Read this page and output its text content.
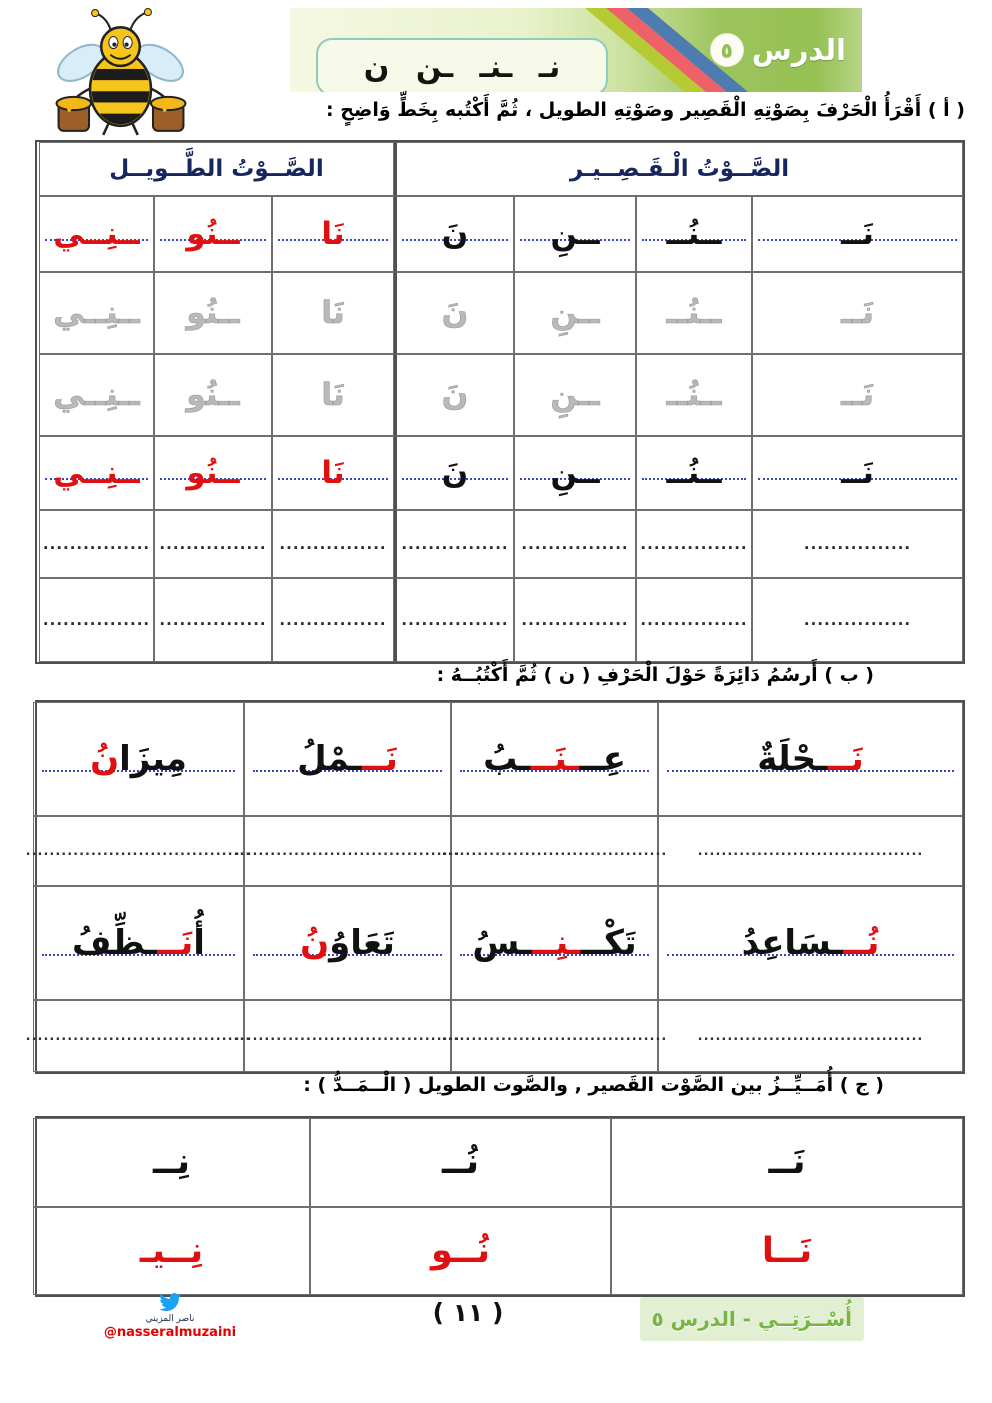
الدرس
٥
نـ ـنـ ـن ن
( أ ) أَقْرَأُ الْحَرْفَ بِصَوْتِهِ الْقَصِير وصَوْتِهِ الطويل ، ثُمَّ أَكْتُبه بِخَطٍّ وَاضِحٍ :
الصَّــوْتُ الْـقَـصِــيـر
الصَّــوْتُ الطَّــويــل
نَــ
ــنُــ
ــنِ
نَ
نَا
ــنُو
ــنِــي
نَــ
ــنُــ
ــنِ
نَ
نَا
ــنُو
ــنِــي
نَــ
ــنُــ
ــنِ
نَ
نَا
ــنُو
ــنِــي
نَــ
ــنُــ
ــنِ
نَ
نَا
ــنُو
ــنِــي
................
................
................
................
................
................
................
................
................
................
................
................
................
................
( ب ) أَرسُمُ دَائِرَةً حَوْلَ الْحَرْفِ ( ن ) ثُمَّ أَكْتُبُــهُ :
نَـــحْلَةٌ
عِـــنَـــبُ
نَـــمْلُ
مِيزَانُ
......................................
......................................
......................................
......................................
نُـــسَاعِدُ
تَكْـــنِـــسُ
تَعَاوُنُ
أُنَـــظِّفُ
......................................
......................................
......................................
......................................
( ج ) أُمَــيِّــزُ بين الصَّوْت القَصير , والصَّوت الطويل ( الْــمَــدُّ ) :
نَــ
نُــ
نِــ
نَــا
نُــو
نِــيـ
ناصر المزيني
@nasseralmuzaini
( ١١ )	أُسْــرَتِــي - الدرس ٥
